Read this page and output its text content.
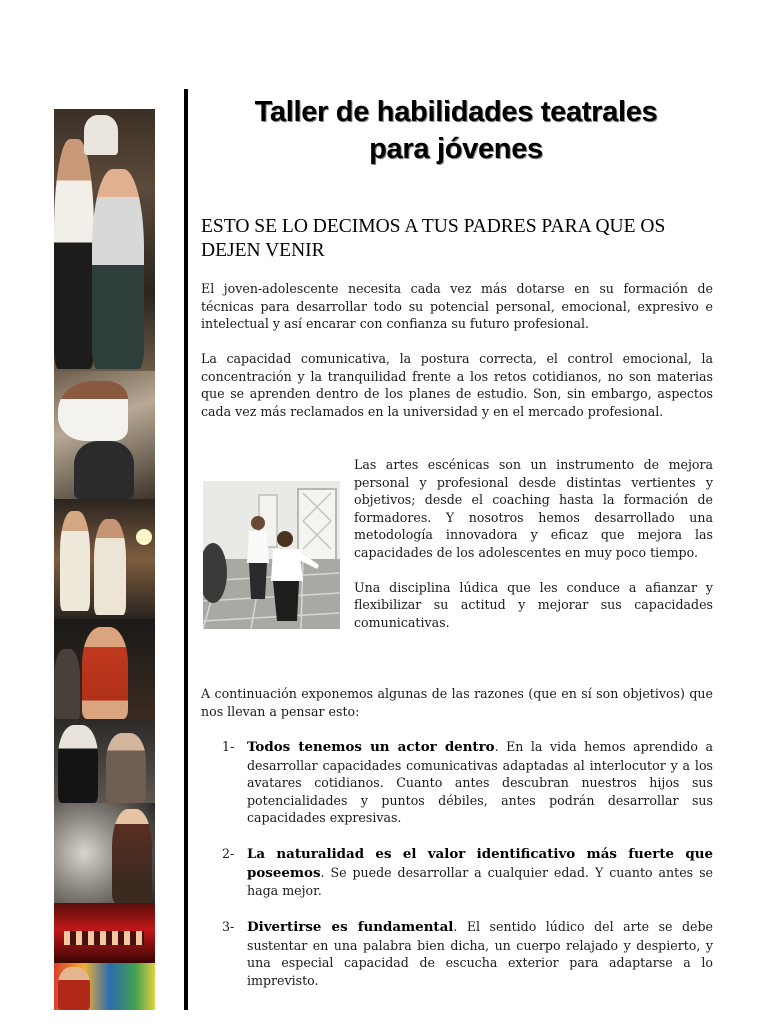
Taller de habilidades teatrales
para jóvenes
ESTO SE LO DECIMOS A TUS PADRES PARA QUE OS DEJEN VENIR
El joven-adolescente necesita cada vez más dotarse en su formación de técnicas para desarrollar todo su potencial personal, emocional, expresivo e intelectual y así encarar con confianza su futuro profesional.
La capacidad comunicativa, la postura correcta, el control emocional, la concentración y la tranquilidad frente a los retos cotidianos, no son materias que se aprenden dentro de los planes de estudio. Son, sin embargo, aspectos cada vez más reclamados en la universidad y en el mercado profesional.
Las artes escénicas son un instrumento de mejora personal y profesional desde distintas vertientes y objetivos; desde el coaching hasta la formación de formadores. Y nosotros hemos desarrollado una metodología innovadora y eficaz que mejora las capacidades de los adolescentes en muy poco tiempo.
Una disciplina lúdica que les conduce a afianzar y flexibilizar su actitud y mejorar sus capacidades comunicativas.
A continuación exponemos algunas de las razones (que en sí son objetivos) que nos llevan a pensar esto:
1- Todos tenemos un actor dentro. En la vida hemos aprendido a desarrollar capacidades comunicativas adaptadas al interlocutor y a los avatares cotidianos. Cuanto antes descubran nuestros hijos sus potencialidades y puntos débiles, antes podrán desarrollar sus capacidades expresivas.
2- La naturalidad es el valor identificativo más fuerte que poseemos. Se puede desarrollar a cualquier edad. Y cuanto antes se haga mejor.
3- Divertirse es fundamental. El sentido lúdico del arte se debe sustentar en una palabra bien dicha, un cuerpo relajado y despierto, y una especial capacidad de escucha exterior para adaptarse a lo imprevisto.
